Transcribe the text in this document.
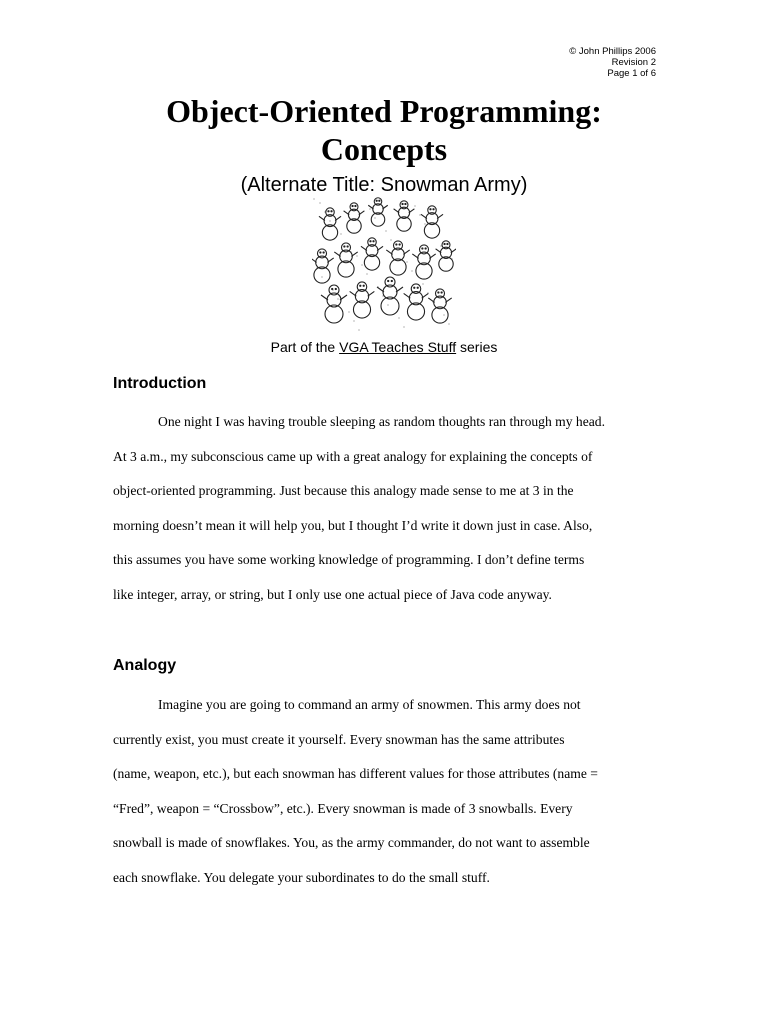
© John Phillips 2006
Revision 2
Page 1 of 6
Object-Oriented Programming:
Concepts
(Alternate Title: Snowman Army)
Part of the VGA Teaches Stuff series
Introduction
One night I was having trouble sleeping as random thoughts ran through my head.
At 3 a.m., my subconscious came up with a great analogy for explaining the concepts of
object-oriented programming. Just because this analogy made sense to me at 3 in the
morning doesn’t mean it will help you, but I thought I’d write it down just in case. Also,
this assumes you have some working knowledge of programming. I don’t define terms
like integer, array, or string, but I only use one actual piece of Java code anyway.
Analogy
Imagine you are going to command an army of snowmen. This army does not
currently exist, you must create it yourself. Every snowman has the same attributes
(name, weapon, etc.), but each snowman has different values for those attributes (name =
“Fred”, weapon = “Crossbow”, etc.). Every snowman is made of 3 snowballs. Every
snowball is made of snowflakes. You, as the army commander, do not want to assemble
each snowflake. You delegate your subordinates to do the small stuff.
